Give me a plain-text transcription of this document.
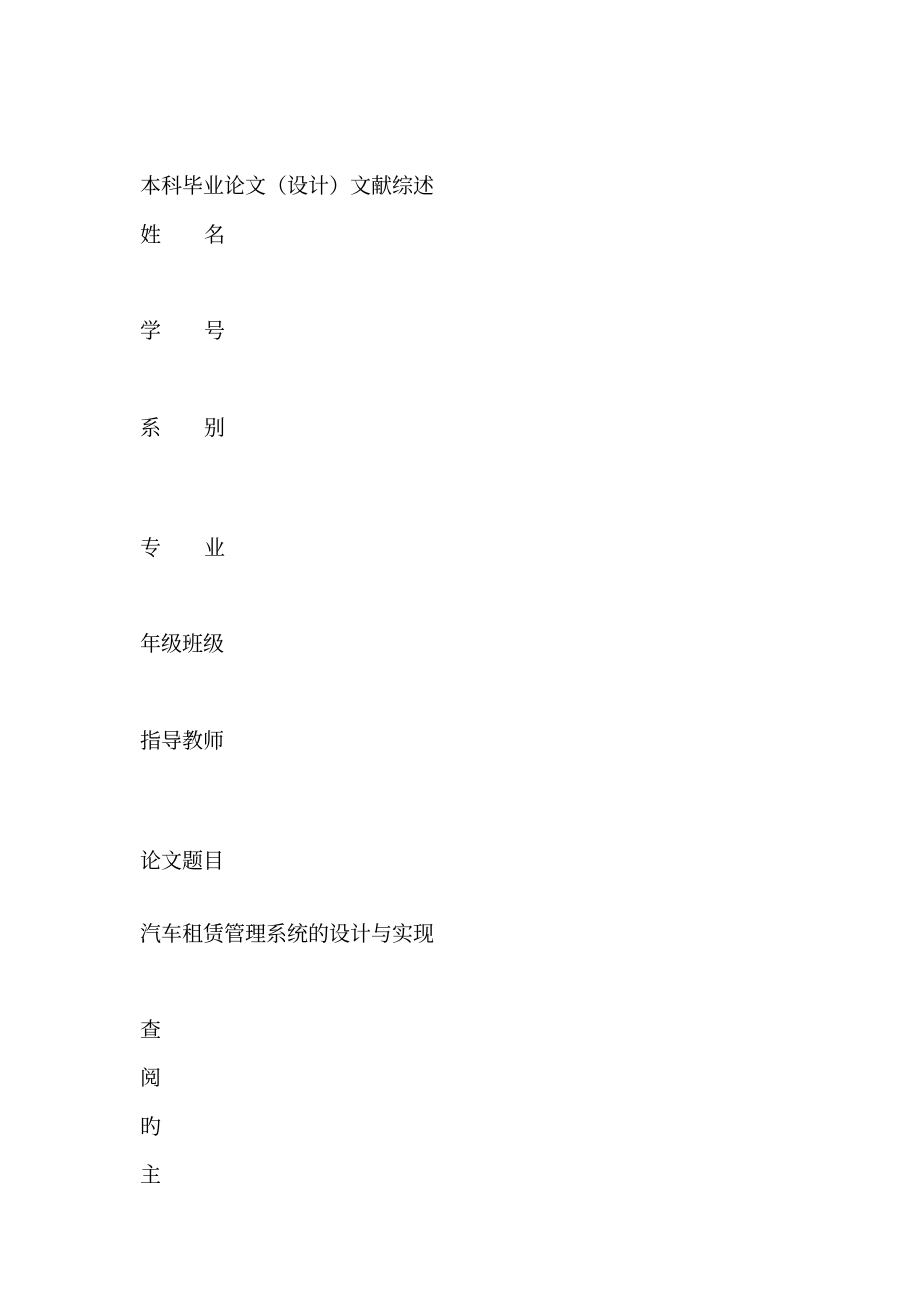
本科毕业论文（设计）文献综述
姓 名
学 号
系 别
专 业
年级班级
指导教师
论文题目
汽车租赁管理系统的设计与实现
查
阅
旳
主
